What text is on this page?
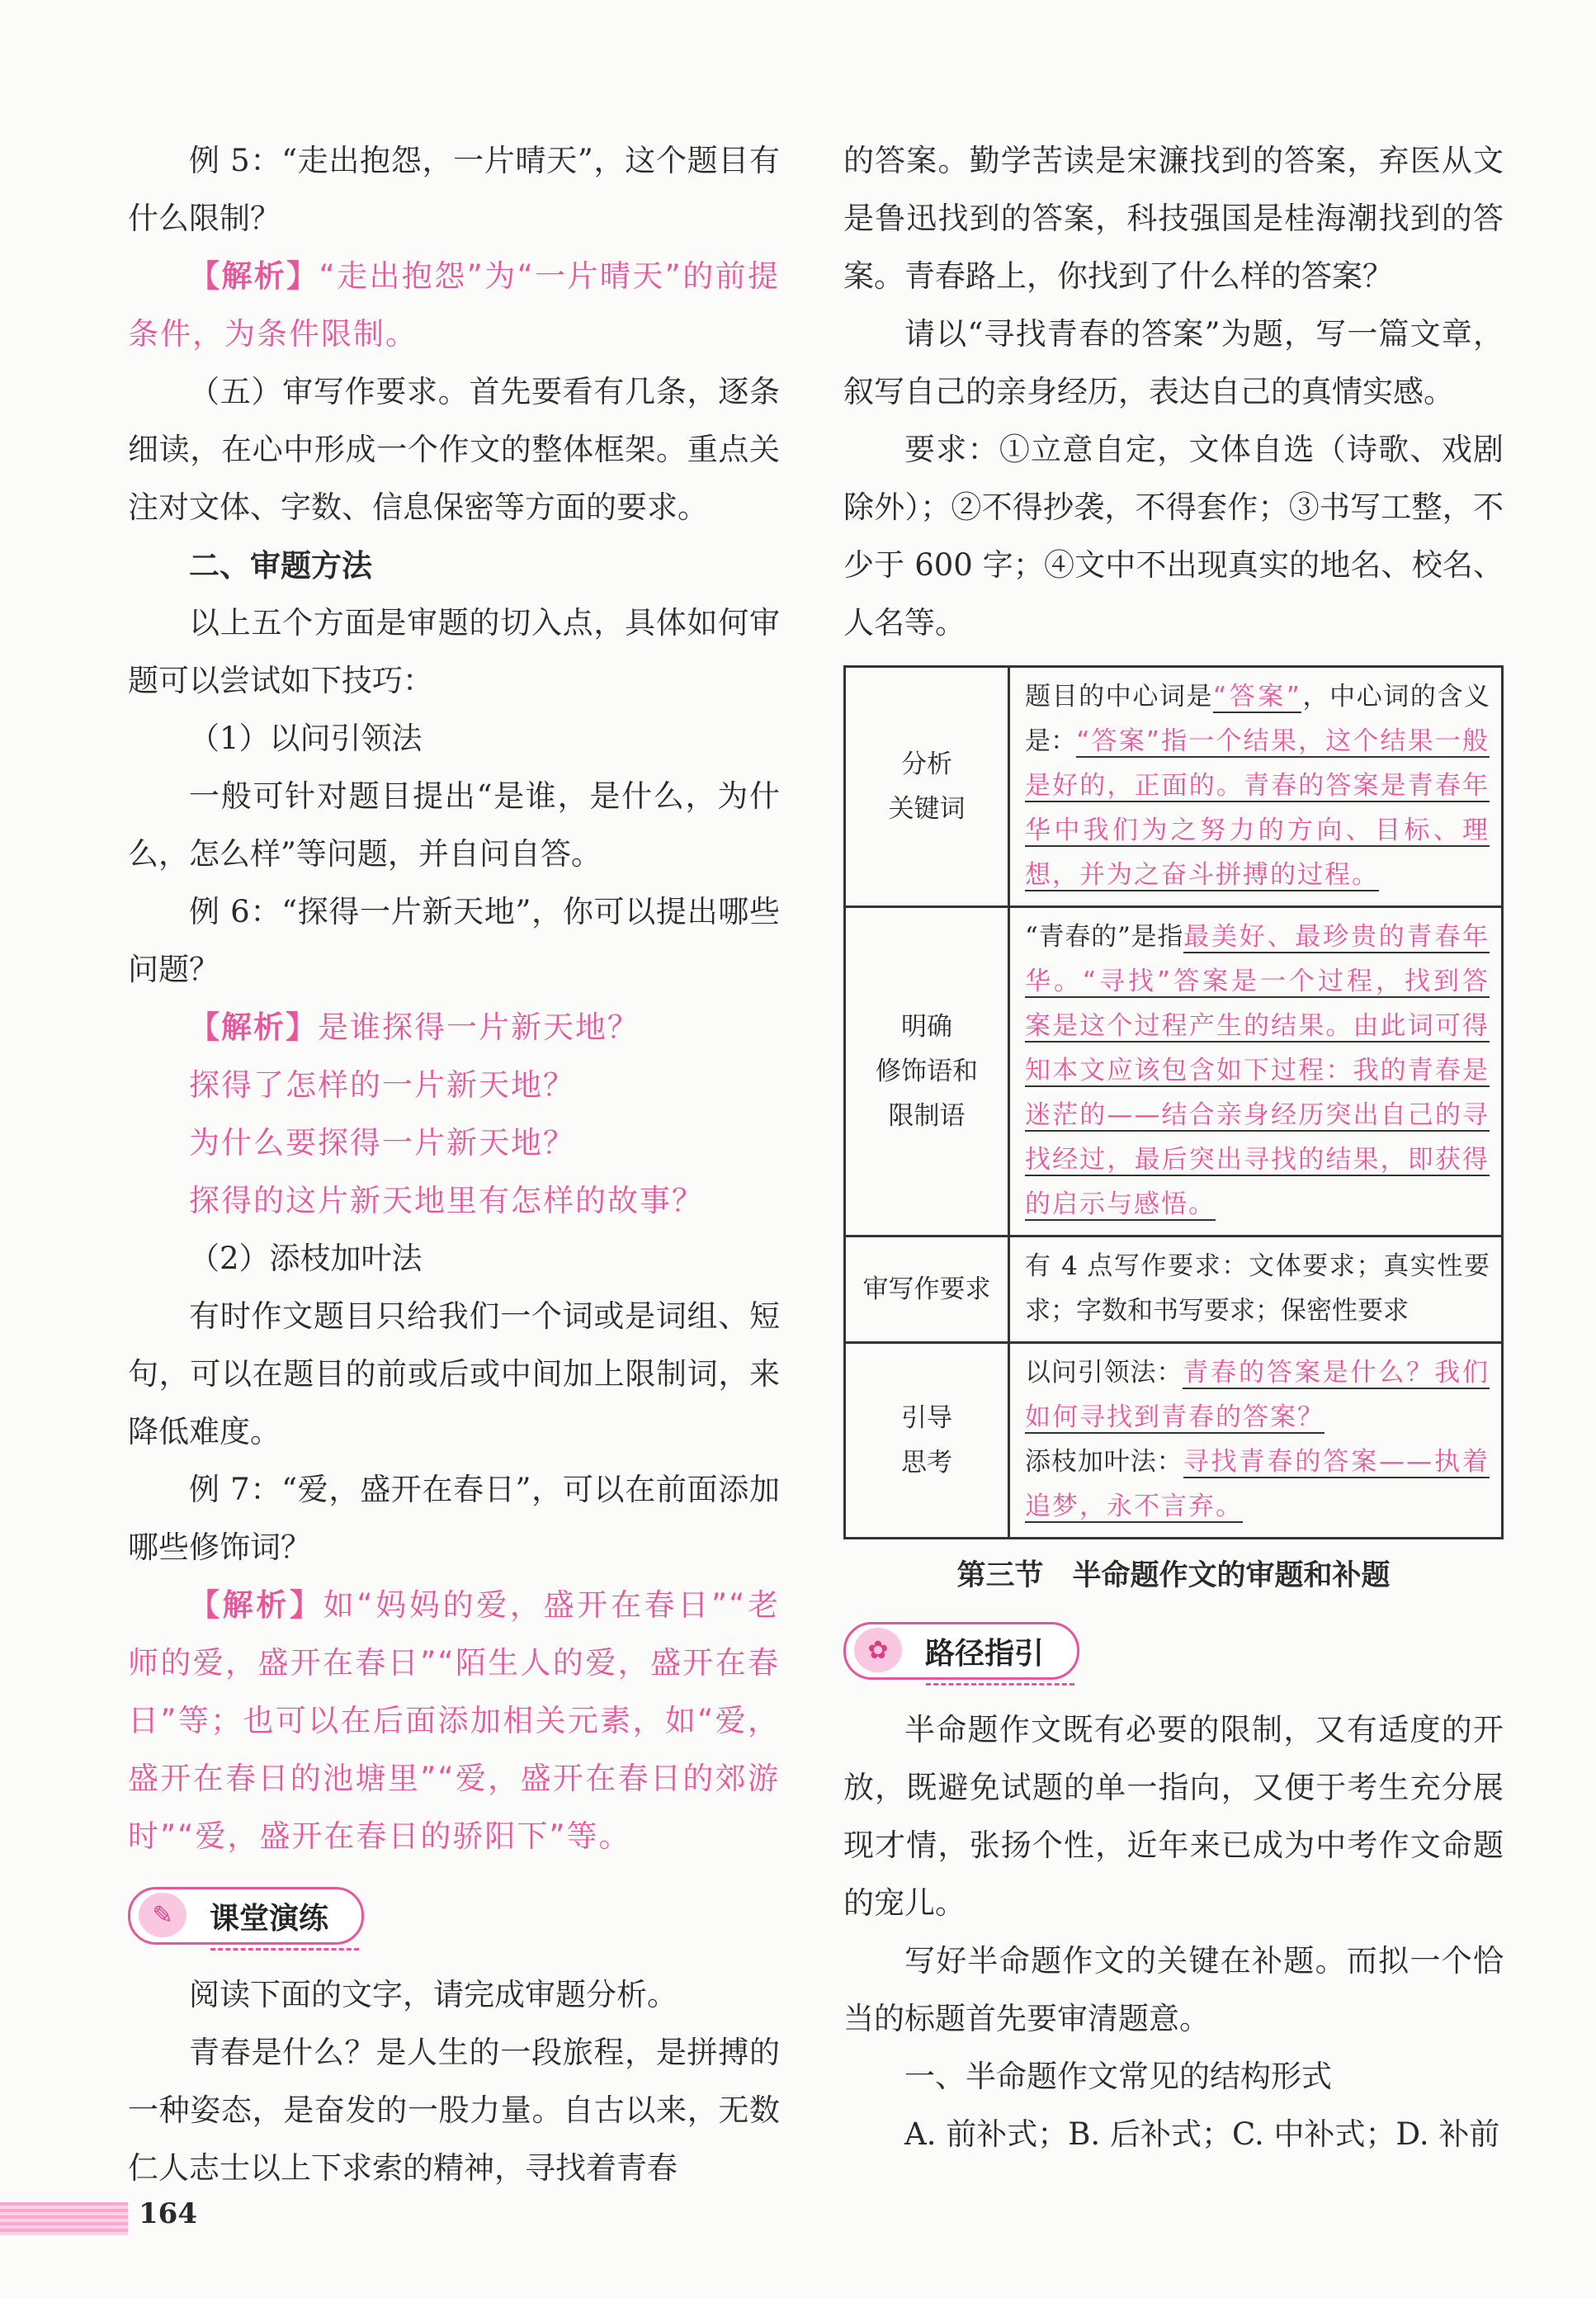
例 5：“走出抱怨，一片晴天”，这个题目有什么限制？

【解析】“走出抱怨”为“一片晴天”的前提条件，为条件限制。

（五）审写作要求。首先要看有几条，逐条细读，在心中形成一个作文的整体框架。重点关注对文体、字数、信息保密等方面的要求。

二、审题方法

以上五个方面是审题的切入点，具体如何审题可以尝试如下技巧：

（1）以问引领法

一般可针对题目提出“是谁，是什么，为什么，怎么样”等问题，并自问自答。

例 6：“探得一片新天地”，你可以提出哪些问题？

【解析】是谁探得一片新天地？

探得了怎样的一片新天地？

为什么要探得一片新天地？

探得的这片新天地里有怎样的故事？

（2）添枝加叶法

有时作文题目只给我们一个词或是词组、短句，可以在题目的前或后或中间加上限制词，来降低难度。

例 7：“爱，盛开在春日”，可以在前面添加哪些修饰词？

【解析】如“妈妈的爱，盛开在春日”“老师的爱，盛开在春日”“陌生人的爱，盛开在春日”等；也可以在后面添加相关元素，如“爱，盛开在春日的池塘里”“爱，盛开在春日的郊游时”“爱，盛开在春日的骄阳下”等。

✎	课堂演练

阅读下面的文字，请完成审题分析。

青春是什么？是人生的一段旅程，是拼搏的一种姿态，是奋发的一股力量。自古以来，无数仁人志士以上下求索的精神，寻找着青春

的答案。勤学苦读是宋濂找到的答案，弃医从文是鲁迅找到的答案，科技强国是桂海潮找到的答案。青春路上，你找到了什么样的答案？

请以“寻找青春的答案”为题，写一篇文章，叙写自己的亲身经历，表达自己的真情实感。

要求：①立意自定，文体自选（诗歌、戏剧除外）；②不得抄袭，不得套作；③书写工整，不少于 600 字；④文中不出现真实的地名、校名、人名等。

分析
关键词	题目的中心词是“答案”，中心词的含义是：“答案”指一个结果，这个结果一般是好的，正面的。青春的答案是青春年华中我们为之努力的方向、目标、理想，并为之奋斗拼搏的过程。
明确
修饰语和
限制语	“青春的”是指最美好、最珍贵的青春年华。“寻找”答案是一个过程，找到答案是这个过程产生的结果。由此词可得知本文应该包含如下过程：我的青春是迷茫的——结合亲身经历突出自己的寻找经过，最后突出寻找的结果，即获得的启示与感悟。
审写作要求	有 4 点写作要求：文体要求；真实性要求；字数和书写要求；保密性要求
引导
思考	以问引领法：青春的答案是什么？我们如何寻找到青春的答案？
添枝加叶法：寻找青春的答案——执着追梦，永不言弃。
第三节　半命题作文的审题和补题
✿	路径指引

半命题作文既有必要的限制，又有适度的开放，既避免试题的单一指向，又便于考生充分展现才情，张扬个性，近年来已成为中考作文命题的宠儿。

写好半命题作文的关键在补题。而拟一个恰当的标题首先要审清题意。

一、半命题作文常见的结构形式

A. 前补式；B. 后补式；C. 中补式；D. 补前

164
